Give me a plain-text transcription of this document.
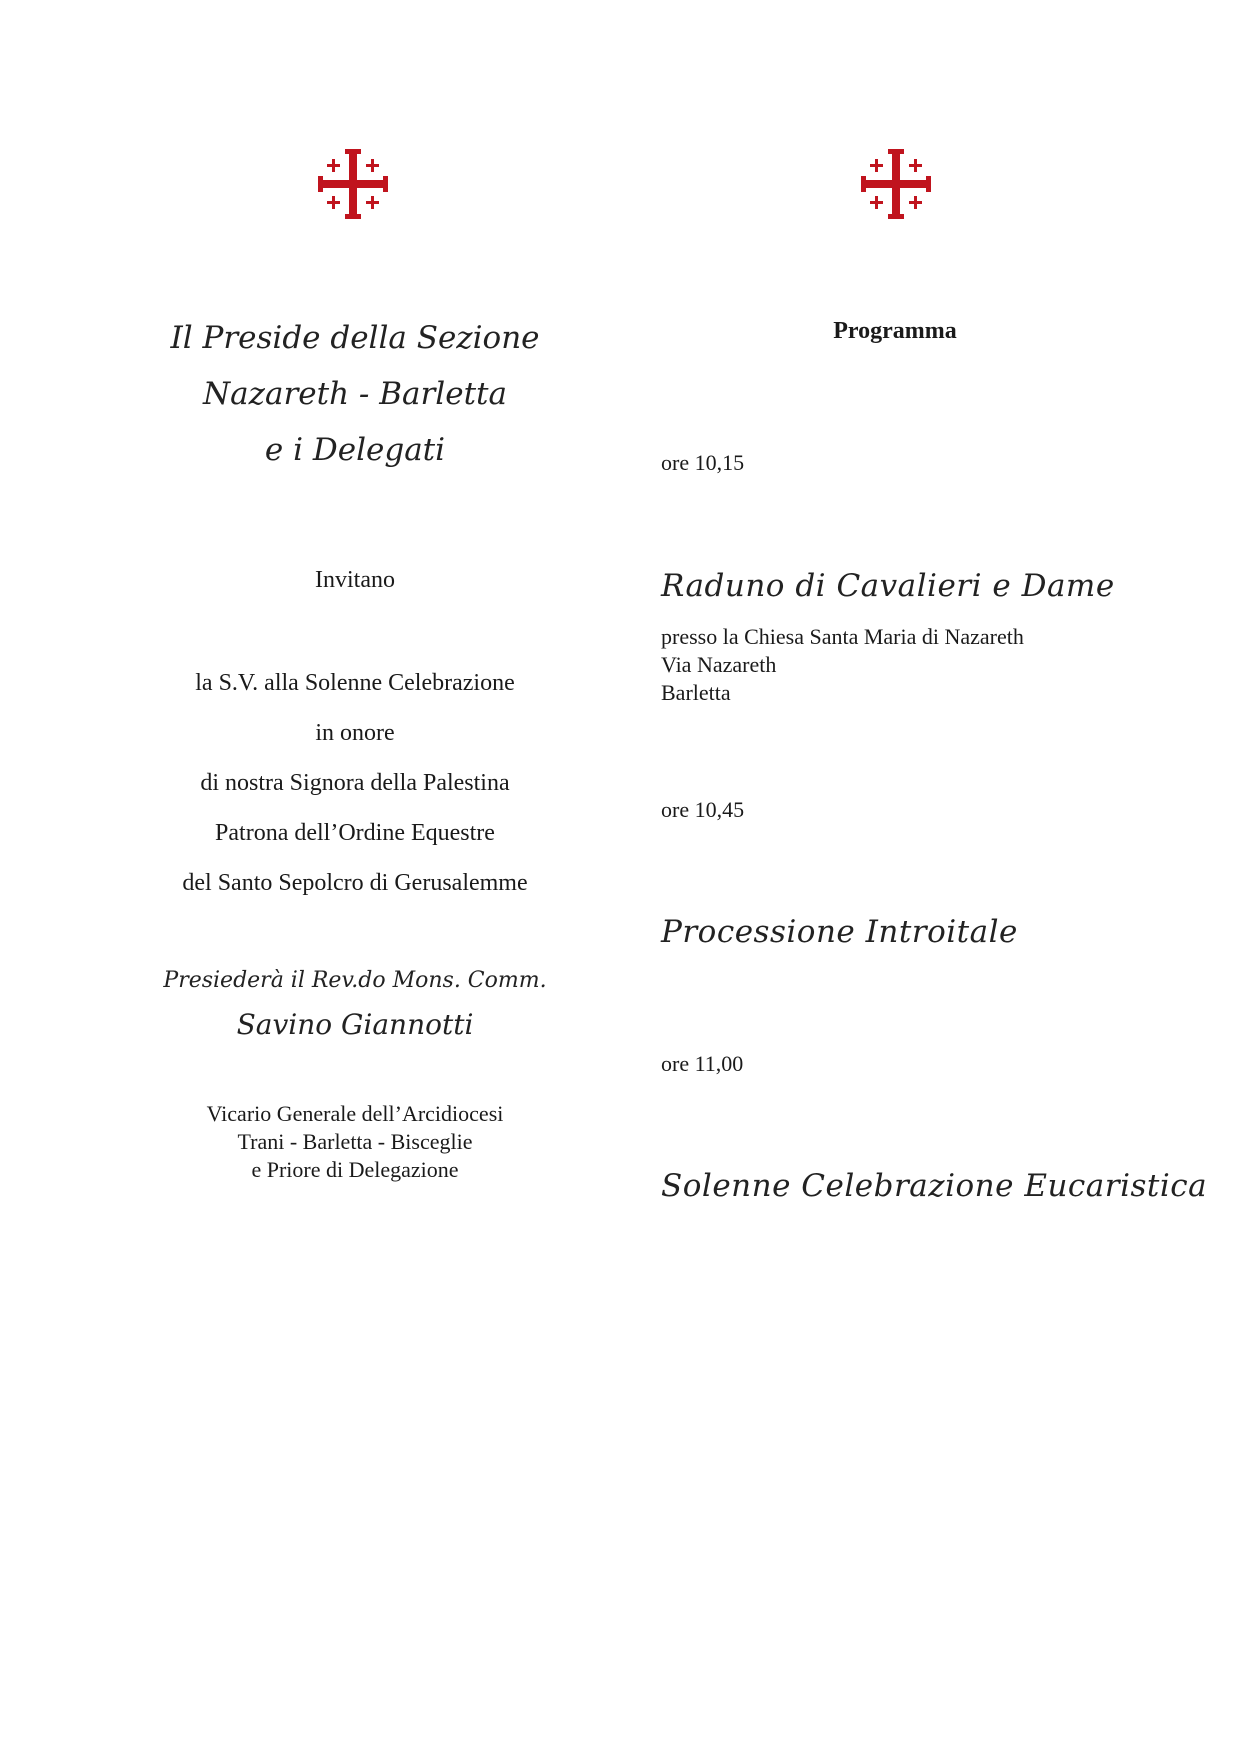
Il Preside della Sezione
Nazareth - Barletta
e i Delegati
Invitano
la S.V. alla Solenne Celebrazione
in onore
di nostra Signora della Palestina
Patrona dell’Ordine Equestre
del Santo Sepolcro di Gerusalemme
Presiederà il Rev.do Mons. Comm.
Savino Giannotti
Vicario Generale dell’Arcidiocesi
Trani - Barletta - Bisceglie
e Priore di Delegazione
Programma
ore 10,15
Raduno di Cavalieri e Dame
presso la Chiesa Santa Maria di Nazareth
Via Nazareth
Barletta
ore 10,45
Processione Introitale
ore 11,00
Solenne Celebrazione Eucaristica
